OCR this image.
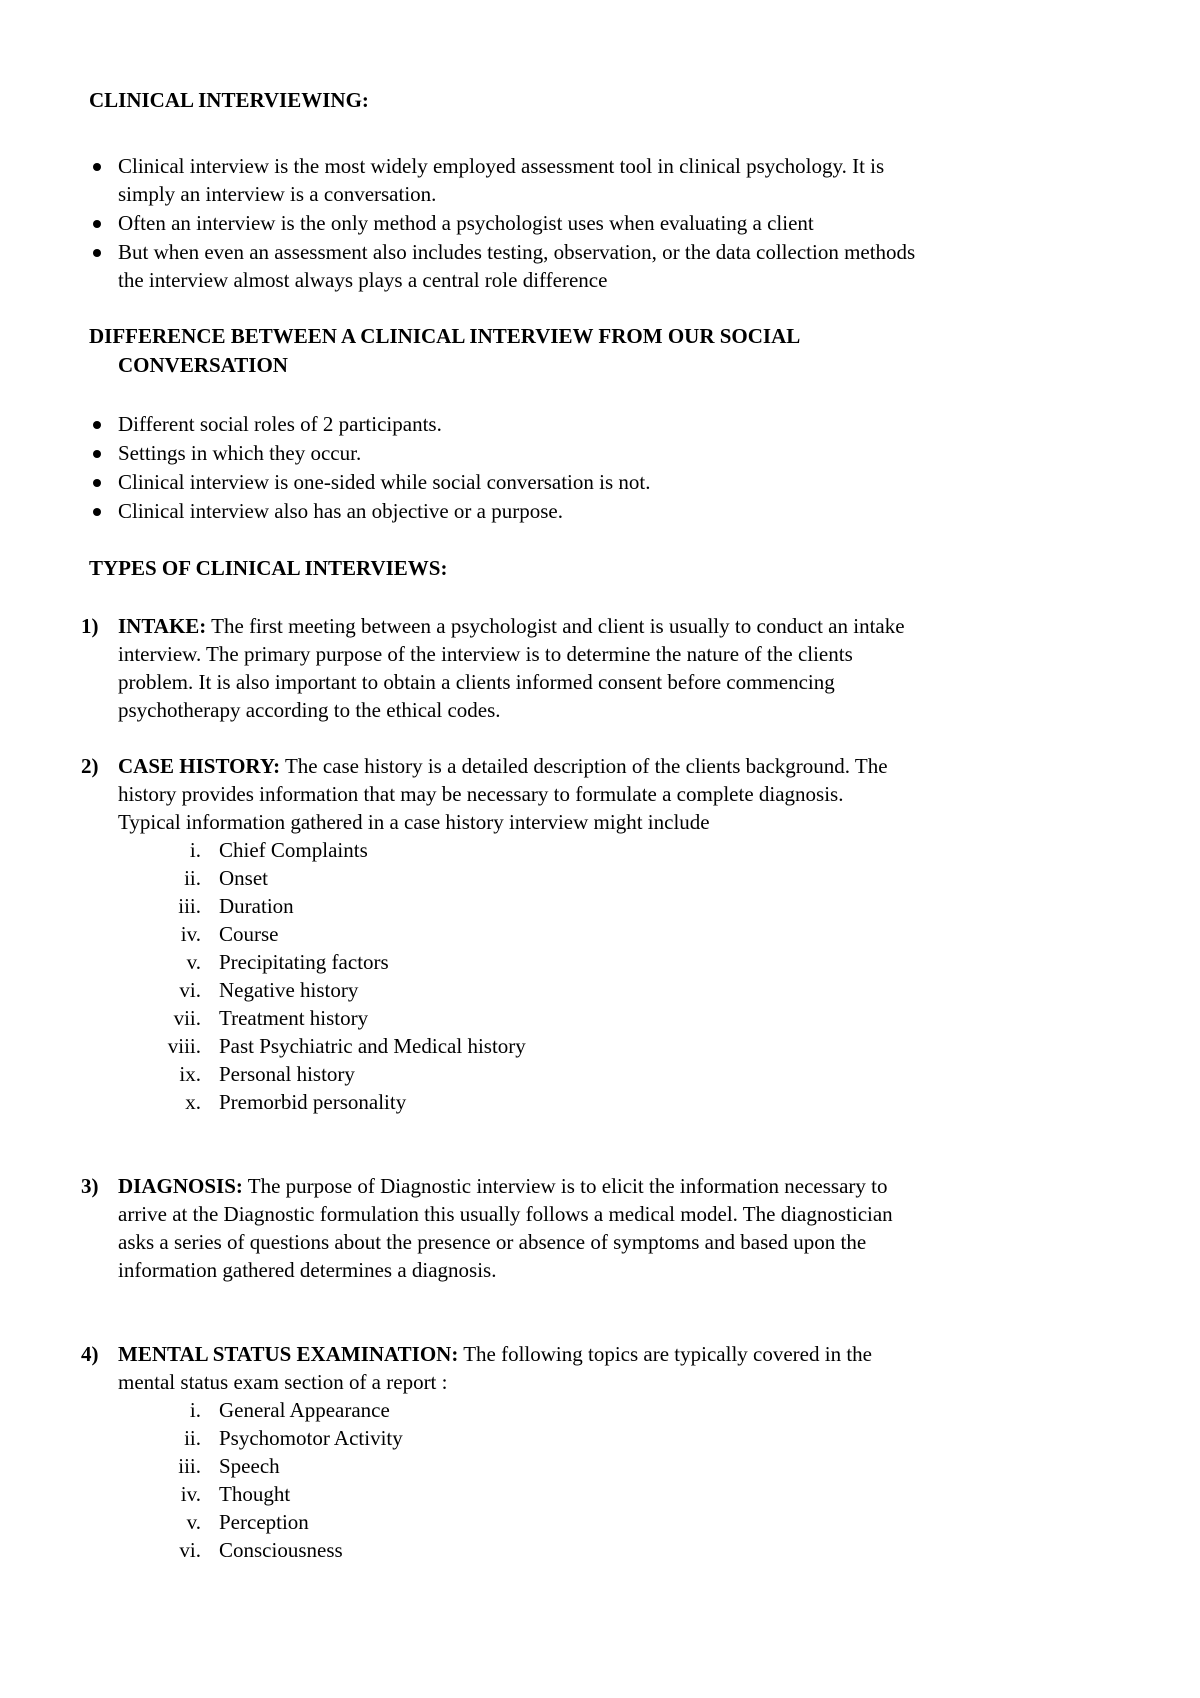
CLINICAL INTERVIEWING:
Clinical interview is the most widely employed assessment tool in clinical psychology. It is
simply an interview is a conversation.
Often an interview is the only method a psychologist uses when evaluating a client
But when even an assessment also includes testing, observation, or the data collection methods
the interview almost always plays a central role difference
DIFFERENCE BETWEEN A CLINICAL INTERVIEW FROM OUR SOCIAL
CONVERSATION
Different social roles of 2 participants.
Settings in which they occur.
Clinical interview is one-sided while social conversation is not.
Clinical interview also has an objective or a purpose.
TYPES OF CLINICAL INTERVIEWS:
1) INTAKE: The first meeting between a psychologist and client is usually to conduct an intake
interview. The primary purpose of the interview is to determine the nature of the clients
problem. It is also important to obtain a clients informed consent before commencing
psychotherapy according to the ethical codes.
2) CASE HISTORY: The case history is a detailed description of the clients background. The
history provides information that may be necessary to formulate a complete diagnosis.
Typical information gathered in a case history interview might include
i. Chief Complaints
ii. Onset
iii. Duration
iv. Course
v. Precipitating factors
vi. Negative history
vii. Treatment history
viii. Past Psychiatric and Medical history
ix. Personal history
x. Premorbid personality
3) DIAGNOSIS: The purpose of Diagnostic interview is to elicit the information necessary to
arrive at the Diagnostic formulation this usually follows a medical model. The diagnostician
asks a series of questions about the presence or absence of symptoms and based upon the
information gathered determines a diagnosis.
4) MENTAL STATUS EXAMINATION: The following topics are typically covered in the
mental status exam section of a report :
i. General Appearance
ii. Psychomotor Activity
iii. Speech
iv. Thought
v. Perception
vi. Consciousness
